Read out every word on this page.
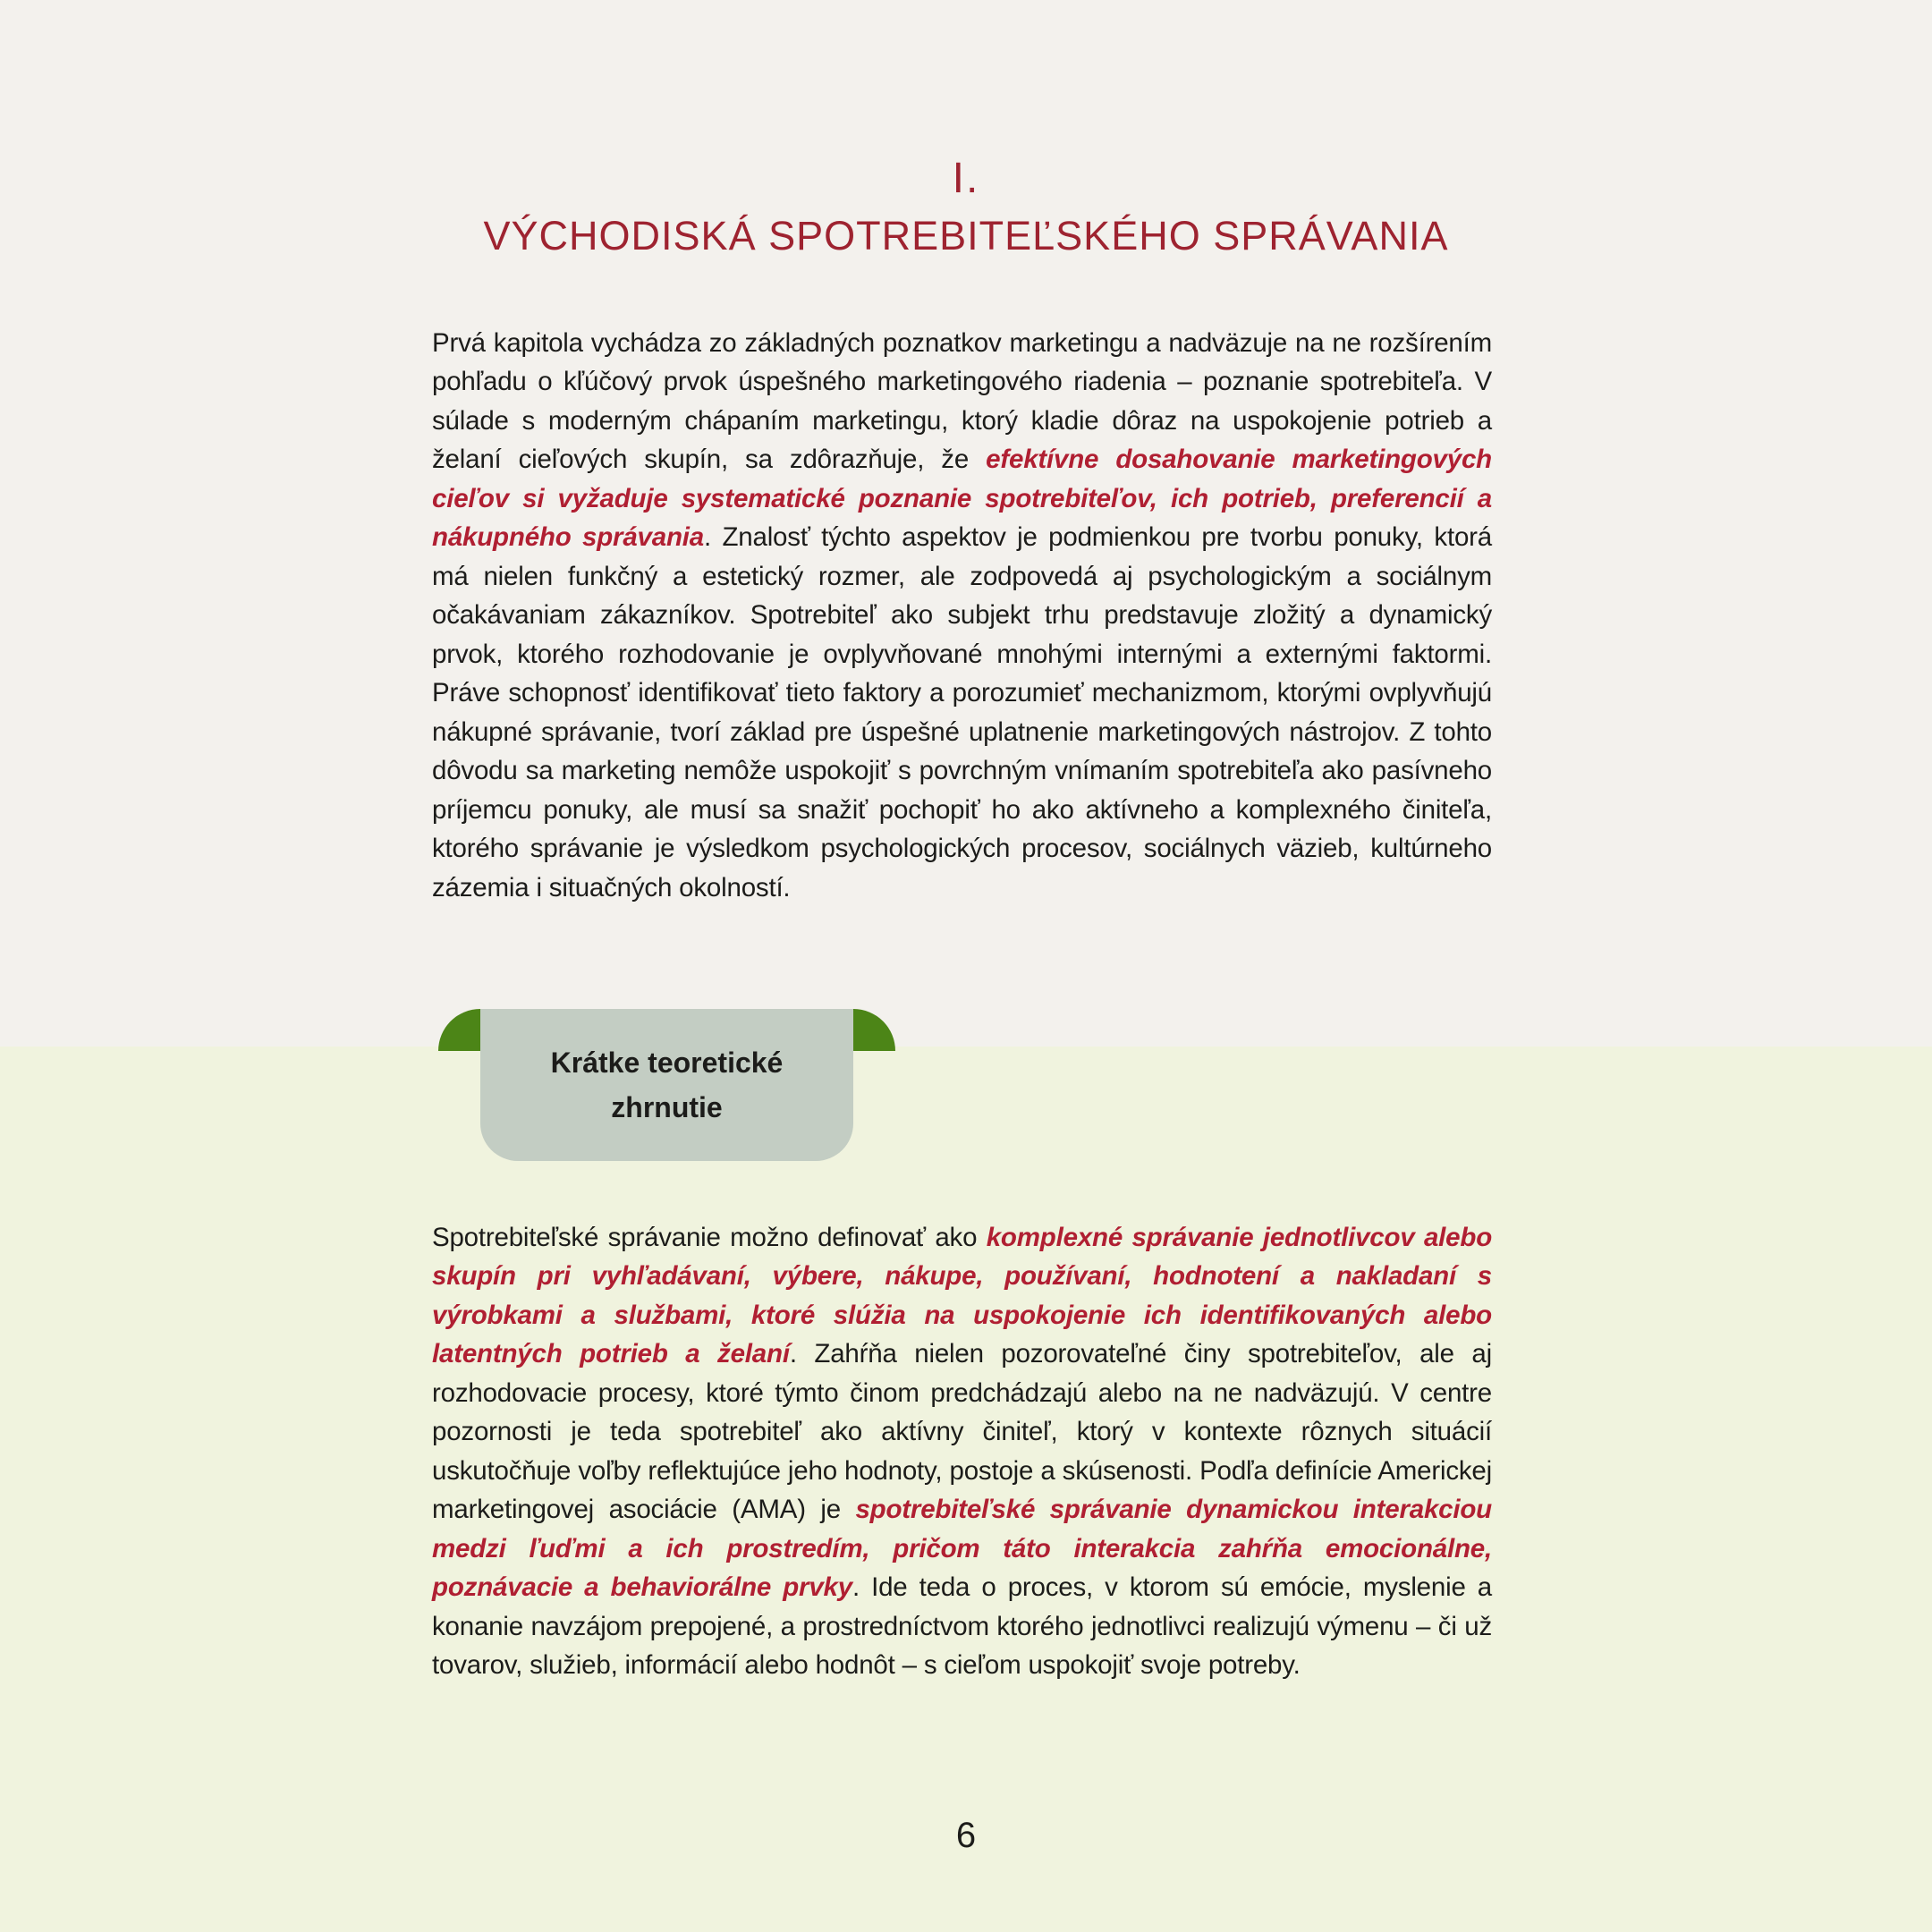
I.
VÝCHODISKÁ SPOTREBITEĽSKÉHO SPRÁVANIA

Prvá kapitola vychádza zo základných poznatkov marketingu a nadväzuje na ne rozšírením pohľadu o kľúčový prvok úspešného marketingového riadenia – poznanie spotrebiteľa. V súlade s moderným chápaním marketingu, ktorý kladie dôraz na uspokojenie potrieb a želaní cieľových skupín, sa zdôrazňuje, že efektívne dosahovanie marketingových cieľov si vyžaduje systematické poznanie spotrebiteľov, ich potrieb, preferencií a nákupného správania. Znalosť týchto aspektov je podmienkou pre tvorbu ponuky, ktorá má nielen funkčný a estetický rozmer, ale zodpovedá aj psychologickým a sociálnym očakávaniam zákazníkov. Spotrebiteľ ako subjekt trhu predstavuje zložitý a dynamický prvok, ktorého rozhodovanie je ovplyvňované mnohými internými a externými faktormi. Práve schopnosť identifikovať tieto faktory a porozumieť mechanizmom, ktorými ovplyvňujú nákupné správanie, tvorí základ pre úspešné uplatnenie marketingových nástrojov. Z tohto dôvodu sa marketing nemôže uspokojiť s povrchným vnímaním spotrebiteľa ako pasívneho príjemcu ponuky, ale musí sa snažiť pochopiť ho ako aktívneho a komplexného činiteľa, ktorého správanie je výsledkom psychologických procesov, sociálnych väzieb, kultúrneho zázemia i situačných okolností.

Krátke teoretické
zhrnutie

Spotrebiteľské správanie možno definovať ako komplexné správanie jednotlivcov alebo skupín pri vyhľadávaní, výbere, nákupe, používaní, hodnotení a nakladaní s výrobkami a službami, ktoré slúžia na uspokojenie ich identifikovaných alebo latentných potrieb a želaní. Zahŕňa nielen pozorovateľné činy spotrebiteľov, ale aj rozhodovacie procesy, ktoré týmto činom predchádzajú alebo na ne nadväzujú. V centre pozornosti je teda spotrebiteľ ako aktívny činiteľ, ktorý v kontexte rôznych situácií uskutočňuje voľby reflektujúce jeho hodnoty, postoje a skúsenosti. Podľa definície Americkej marketingovej asociácie (AMA) je spotrebiteľské správanie dynamickou interakciou medzi ľuďmi a ich prostredím, pričom táto interakcia zahŕňa emocionálne, poznávacie a behaviorálne prvky. Ide teda o proces, v ktorom sú emócie, myslenie a konanie navzájom prepojené, a prostredníctvom ktorého jednotlivci realizujú výmenu – či už tovarov, služieb, informácií alebo hodnôt – s cieľom uspokojiť svoje potreby.

6
